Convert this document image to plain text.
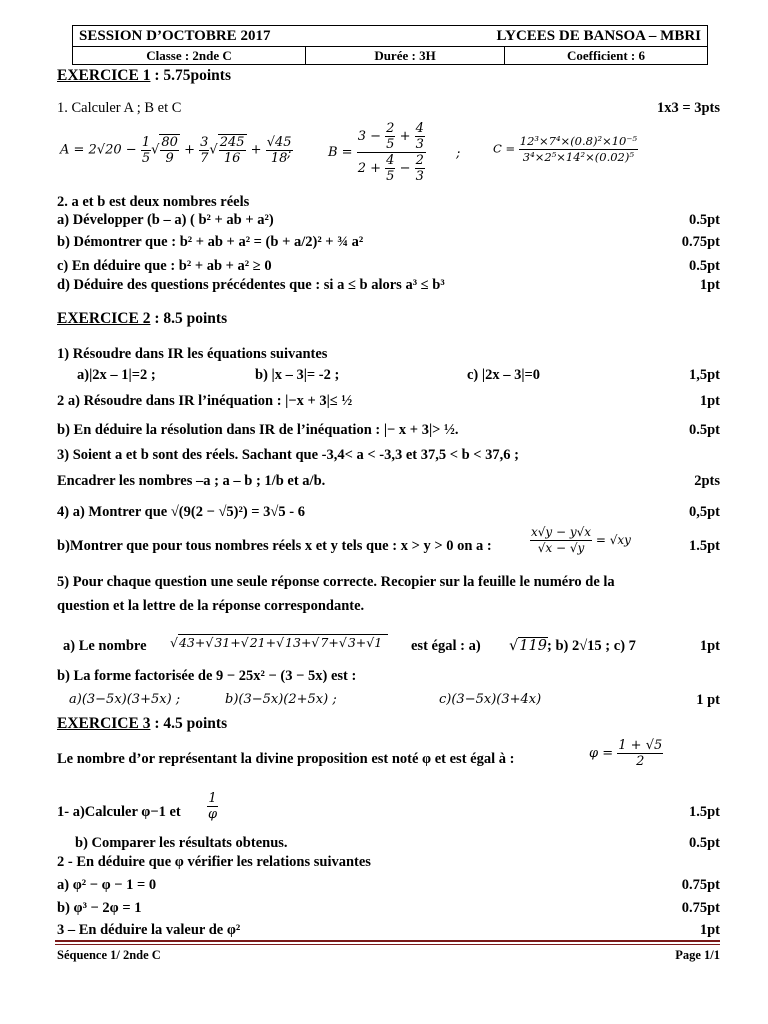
SESSION D’OCTOBRE 2017	LYCEES DE BANSOA – MBRI
Classe : 2nde C	Durée : 3H	Coefficient : 6
EXERCICE 1 : 5.75points
1. Calculer A ; B et C	1x3 = 3pts
$A = 2√20 - \frac{1}{5}$ √ $\frac{80}{9} + \frac{3}{7}$ √ $\frac{245}{16} + \frac{√45}{18}$
;	$B = \frac{3 - \frac{2}{5} + \frac{4}{3}}{2 + \frac{4}{5} - \frac{2}{3}}$ ;	$C = \frac{\text{12³×7⁴×(0.8)²×10⁻⁵}}{\text{3⁴×2⁵×14²×(0.02)⁵}}$
2. a et b est deux nombres réels
a) Développer (b – a) ( b² + ab + a²)	0.5pt
b) Démontrer que : b² + ab + a² = (b + a/2)² + ¾ a²	0.75pt
c) En déduire que : b² + ab + a² ≥ 0	0.5pt
d) Déduire des questions précédentes que : si a ≤ b alors a³ ≤ b³	1pt
EXERCICE 2 : 8.5 points
1) Résoudre dans IR les équations suivantes
a)|2x – 1|=2 ;	b) |x – 3|= -2 ;	c) |2x – 3|=0	1,5pt
2 a) Résoudre dans IR l’inéquation : |−x + 3|≤ ½	1pt
b) En déduire la résolution dans IR de l’inéquation : |− x + 3|> ½.	0.5pt
3) Soient a et b sont des réels. Sachant que -3,4< a < -3,3 et 37,5 < b < 37,6 ;
Encadrer les nombres –a ; a – b ; 1/b et a/b.	2pts
4) a) Montrer que √(9(2 − √5)²) = 3√5 - 6	0,5pt
b)Montrer que pour tous nombres réels x et y tels que : x > y > 0 on a :	$\frac{x√y - y√x}{√x - √y} = √xy$	1.5pt
5) Pour chaque question une seule réponse correcte. Recopier sur la feuille le numéro de la
question et la lettre de la réponse correspondante.
a) Le nombre √43+√31+√21+√13+√7+√3+√1	est égal : a) √119 ; b) 2√15 ; c) 7	1pt
b) La forme factorisée de 9 − 25x² − (3 − 5x) est :
a)(3−5x)(3+5x) ;	b)(3−5x)(2+5x) ;	c)(3−5x)(3+4x)	1 pt
EXERCICE 3 : 4.5 points
Le nombre d’or représentant la divine proposition est noté φ et est égal à :	$\varphi = \frac{1 + √5}{2}$
1- a)Calculer φ−1 et $\frac{1}{\varphi}$	1.5pt
b) Comparer les résultats obtenus.	0.5pt
2 - En déduire que φ vérifier les relations suivantes
a) φ² − φ − 1 = 0	0.75pt
b) φ³ − 2φ = 1	0.75pt
3 – En déduire la valeur de φ²	1pt
Séquence 1/ 2nde C	Page 1/1
